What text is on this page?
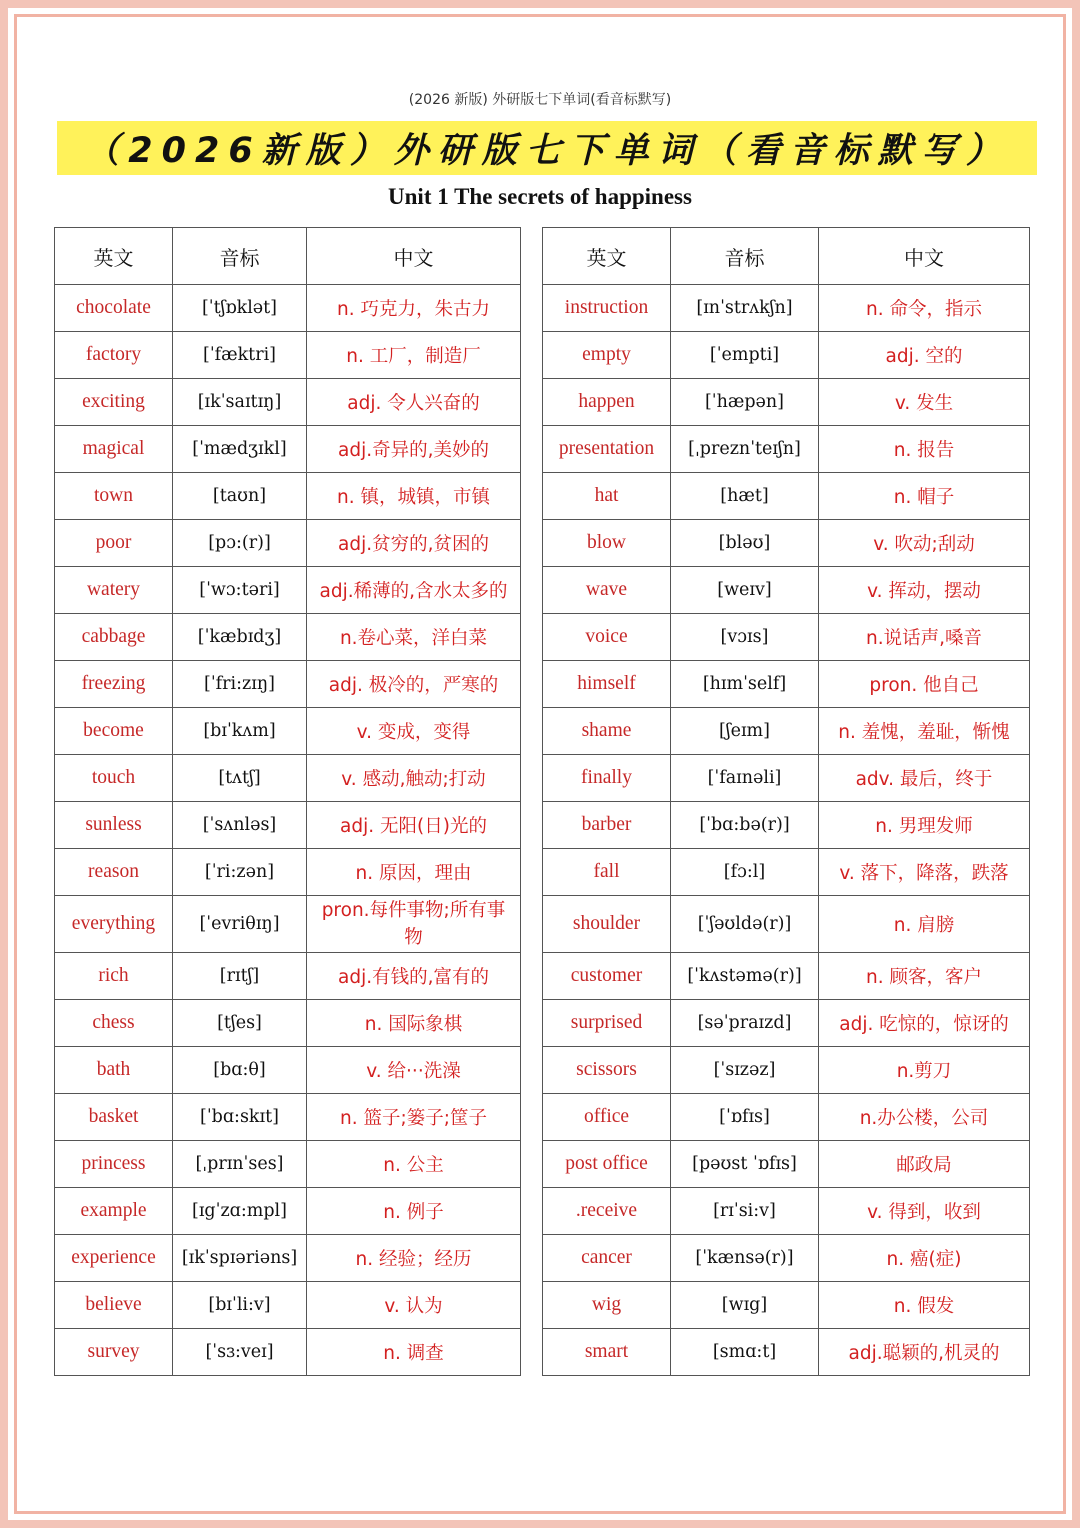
(2026 新版) 外研版七下单词(看音标默写)
（2026新版）外研版七下单词（看音标默写）
Unit 1 The secrets of happiness
英文	音标	中文
chocolate	[ˈtʃɒklət]	n. 巧克力，朱古力
factory	[ˈfæktri]	n. 工厂，制造厂
exciting	[ɪkˈsaɪtɪŋ]	adj. 令人兴奋的
magical	[ˈmædʒɪkl]	adj.奇异的,美妙的
town	[taʊn]	n. 镇，城镇，市镇
poor	[pɔ:(r)]	adj.贫穷的,贫困的
watery	[ˈwɔ:təri]	adj.稀薄的,含水太多的
cabbage	[ˈkæbɪdʒ]	n.卷心菜，洋白菜
freezing	[ˈfri:zɪŋ]	adj. 极冷的，严寒的
become	[bɪˈkʌm]	v. 变成，变得
touch	[tʌtʃ]	v. 感动,触动;打动
sunless	[ˈsʌnləs]	adj. 无阳(日)光的
reason	[ˈri:zən]	n. 原因，理由
everything	[ˈevriθɪŋ]	pron.每件事物;所有事物
rich	[rɪtʃ]	adj.有钱的,富有的
chess	[tʃes]	n. 国际象棋
bath	[bɑ:θ]	v. 给···洗澡
basket	[ˈbɑ:skɪt]	n. 篮子;篓子;筐子
princess	[ˌprɪnˈses]	n. 公主
example	[ɪgˈzɑ:mpl]	n. 例子
experience	[ɪkˈspɪəriəns]	n. 经验；经历
believe	[bɪˈli:v]	v. 认为
survey	[ˈsɜ:veɪ]	n. 调查
英文	音标	中文
instruction	[ɪnˈstrʌkʃn]	n. 命令，指示
empty	[ˈempti]	adj. 空的
happen	[ˈhæpən]	v. 发生
presentation	[ˌpreznˈteɪʃn]	n. 报告
hat	[hæt]	n. 帽子
blow	[bləʊ]	v. 吹动;刮动
wave	[weɪv]	v. 挥动，摆动
voice	[vɔɪs]	n.说话声,嗓音
himself	[hɪmˈself]	pron. 他自己
shame	[ʃeɪm]	n. 羞愧，羞耻，惭愧
finally	[ˈfaɪnəli]	adv. 最后，终于
barber	[ˈbɑ:bə(r)]	n. 男理发师
fall	[fɔ:l]	v. 落下，降落，跌落
shoulder	[ˈʃəʊldə(r)]	n. 肩膀
customer	[ˈkʌstəmə(r)]	n. 顾客，客户
surprised	[səˈpraɪzd]	adj. 吃惊的，惊讶的
scissors	[ˈsɪzəz]	n.剪刀
office	[ˈɒfɪs]	n.办公楼，公司
post office	[pəʊst ˈɒfɪs]	邮政局
.receive	[rɪˈsi:v]	v. 得到，收到
cancer	[ˈkænsə(r)]	n. 癌(症)
wig	[wɪg]	n. 假发
smart	[smɑ:t]	adj.聪颖的,机灵的
